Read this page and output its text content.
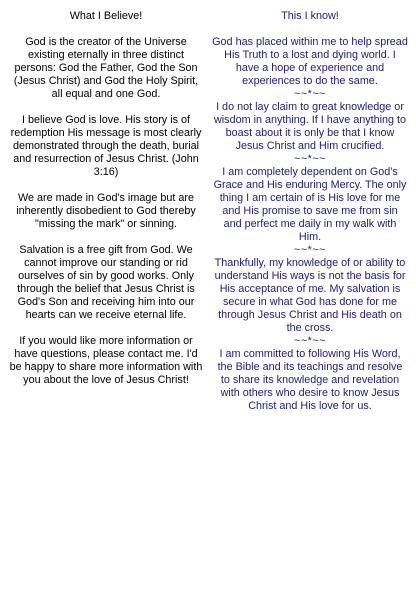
What I Believe!

God is the creator of the Universe existing eternally in three distinct persons: God the Father, God the Son (Jesus Christ) and God the Holy Spirit, all equal and one God.

I believe God is love. His story is of redemption His message is most clearly demonstrated through the death, burial and resurrection of Jesus Christ. (John 3:16)

We are made in God's image but are inherently disobedient to God thereby "missing the mark" or sinning.

Salvation is a free gift from God. We cannot improve our standing or rid ourselves of sin by good works. Only through the belief that Jesus Christ is God's Son and receiving him into our hearts can we receive eternal life.

If you would like more information or have questions, please contact me. I'd be happy to share more information with you about the love of Jesus Christ!

This I know!

God has placed within me to help spread His Truth to a lost and dying world. I have a hope of experience and experiences to do the same.

~~*~~

I do not lay claim to great knowledge or wisdom in anything. If I have anything to boast about it is only be that I know Jesus Christ and Him crucified.

~~*~~

I am completely dependent on God's Grace and His enduring Mercy. The only thing I am certain of is His love for me and His promise to save me from sin and perfect me daily in my walk with Him.

~~*~~

Thankfully, my knowledge of or ability to understand His ways is not the basis for His acceptance of me. My salvation is secure in what God has done for me through Jesus Christ and His death on the cross.

~~*~~

I am committed to following His Word, the Bible and its teachings and resolve to share its knowledge and revelation with others who desire to know Jesus Christ and His love for us.
